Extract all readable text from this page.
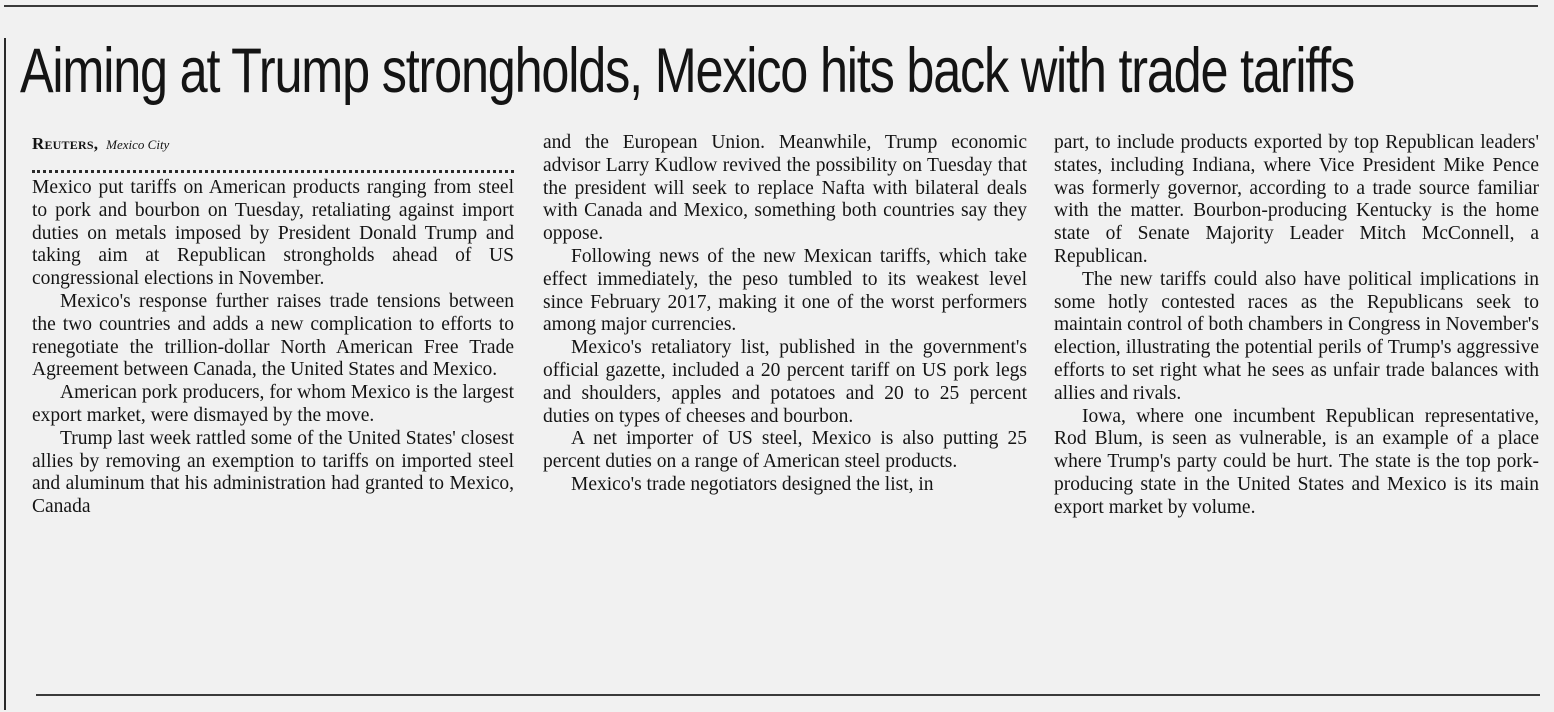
Aiming at Trump strongholds, Mexico hits back with trade tariffs
Reuters, Mexico City

Mexico put tariffs on American products ranging from steel to pork and bourbon on Tuesday, retaliating against import duties on metals imposed by President Donald Trump and taking aim at Republican strongholds ahead of US congressional elections in November.

Mexico's response further raises trade tensions between the two countries and adds a new complication to efforts to renegotiate the trillion-dollar North American Free Trade Agreement between Canada, the United States and Mexico.

American pork producers, for whom Mexico is the largest export market, were dismayed by the move.

Trump last week rattled some of the United States' closest allies by removing an exemption to tariffs on imported steel and aluminum that his administration had granted to Mexico, Canada

and the European Union. Meanwhile, Trump economic advisor Larry Kudlow revived the possibility on Tuesday that the president will seek to replace Nafta with bilateral deals with Canada and Mexico, something both countries say they oppose.

Following news of the new Mexican tariffs, which take effect immediately, the peso tumbled to its weakest level since February 2017, making it one of the worst performers among major currencies.

Mexico's retaliatory list, published in the government's official gazette, included a 20 percent tariff on US pork legs and shoulders, apples and potatoes and 20 to 25 percent duties on types of cheeses and bourbon.

A net importer of US steel, Mexico is also putting 25 percent duties on a range of American steel products.

Mexico's trade negotiators designed the list, in

part, to include products exported by top Republican leaders' states, including Indiana, where Vice President Mike Pence was formerly governor, according to a trade source familiar with the matter. Bourbon-producing Kentucky is the home state of Senate Majority Leader Mitch McConnell, a Republican.

The new tariffs could also have political implications in some hotly contested races as the Republicans seek to maintain control of both chambers in Congress in November's election, illustrating the potential perils of Trump's aggressive efforts to set right what he sees as unfair trade balances with allies and rivals.

Iowa, where one incumbent Republican representative, Rod Blum, is seen as vulnerable, is an example of a place where Trump's party could be hurt. The state is the top pork-producing state in the United States and Mexico is its main export market by volume.
